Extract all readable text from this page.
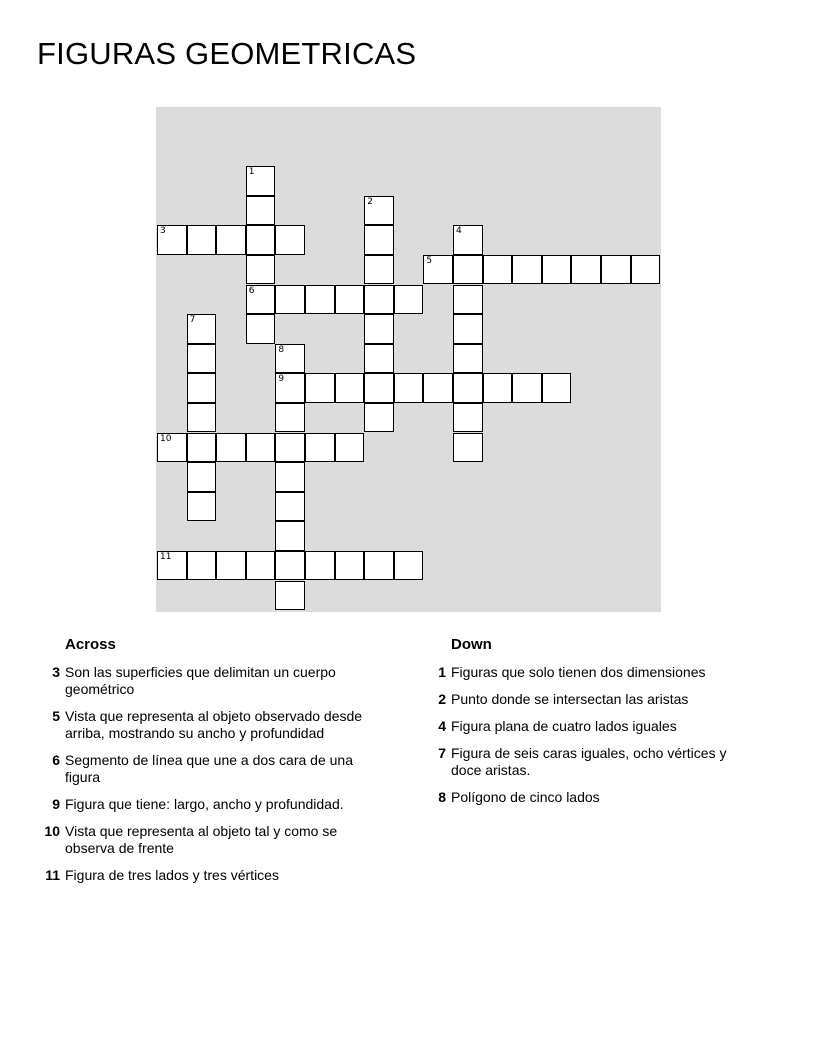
FIGURAS GEOMETRICAS
1
6
2
3	4
5
7
8
9
10
11
Across
3 Son las superficies que delimitan un cuerpo geométrico
5 Vista que representa al objeto observado desde arriba, mostrando su ancho y profundidad
6 Segmento de línea que une a dos cara de una figura
9 Figura que tiene: largo, ancho y profundidad.
10 Vista que representa al objeto tal y como se observa de frente
11 Figura de tres lados y tres vértices
Down
1 Figuras que solo tienen dos dimensiones
2 Punto donde se intersectan las aristas
4 Figura plana de cuatro lados iguales
7 Figura de seis caras iguales, ocho vértices y doce aristas.
8 Polígono de cinco lados
